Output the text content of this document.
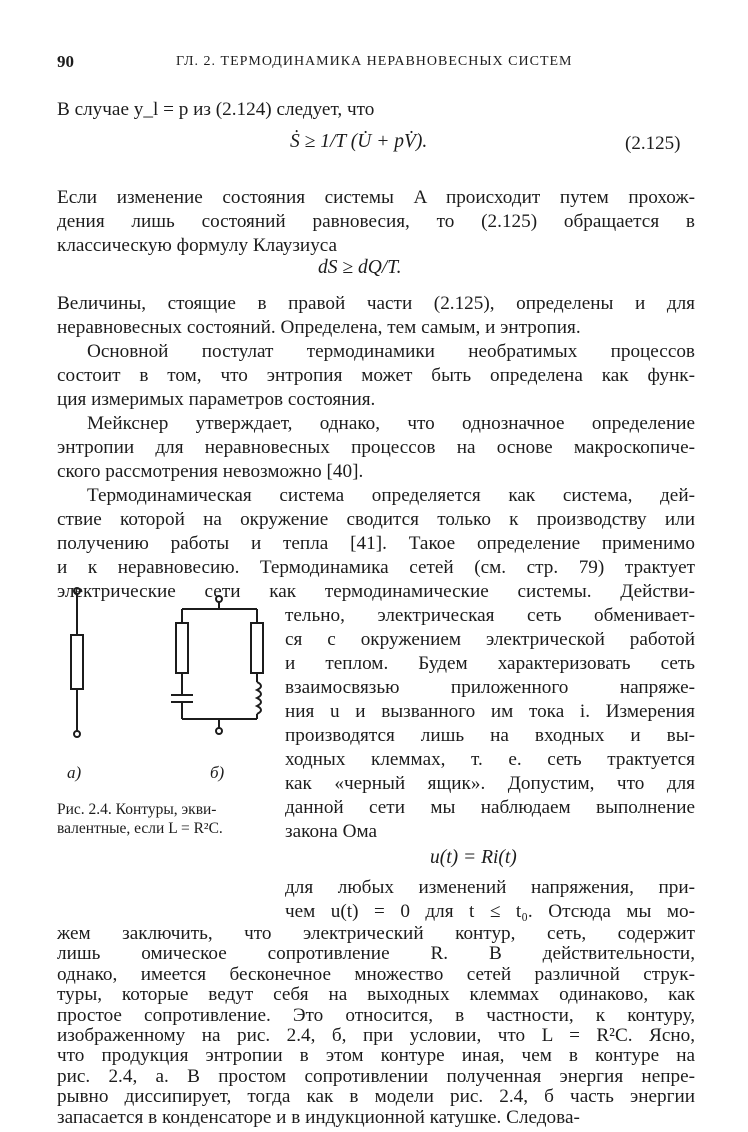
90	ГЛ. 2. ТЕРМОДИНАМИКА НЕРАВНОВЕСНЫХ СИСТЕМ
В случае y_l = p из (2.124) следует, что
Ṡ ≥ 1/T (U̇ + pV̇).	(2.125)
Если изменение состояния системы A происходит путем прохож-
дения лишь состояний равновесия, то (2.125) обращается в
классическую формулу Клаузиуса
dS ≥ dQ/T.
Величины, стоящие в правой части (2.125), определены и для
неравновесных состояний. Определена, тем самым, и энтропия.
Основной постулат термодинамики необратимых процессов
состоит в том, что энтропия может быть определена как функ-
ция измеримых параметров состояния.
Мейкснер утверждает, однако, что однозначное определение
энтропии для неравновесных процессов на основе макроскопиче-
ского рассмотрения невозможно [40].
Термодинамическая система определяется как система, дей-
ствие которой на окружение сводится только к производству или
получению работы и тепла [41]. Такое определение применимо
и к неравновесию. Термодинамика сетей (см. стр. 79) трактует
электрические сети как термодинамические системы. Действи-
тельно, электрическая сеть обменивает-
ся с окружением электрической работой
и теплом. Будем характеризовать сеть
взаимосвязью приложенного напряже-
ния u и вызванного им тока i. Измерения
производятся лишь на входных и вы-
ходных клеммах, т. е. сеть трактуется
как «черный ящик». Допустим, что для
данной сети мы наблюдаем выполнение
закона Ома
u(t) = Ri(t)
для любых изменений напряжения, при-
чем u(t) = 0 для t ≤ t₀. Отсюда мы мо-
жем заключить, что электрический контур, сеть, содержит
лишь омическое сопротивление R. В действительности,
однако, имеется бесконечное множество сетей различной струк-
туры, которые ведут себя на выходных клеммах одинаково, как
простое сопротивление. Это относится, в частности, к контуру,
изображенному на рис. 2.4, б, при условии, что L = R²C. Ясно,
что продукция энтропии в этом контуре иная, чем в контуре на
рис. 2.4, а. В простом сопротивлении полученная энергия непре-
рывно диссипирует, тогда как в модели рис. 2.4, б часть энергии
запасается в конденсаторе и в индукционной катушке. Следова-
а)	б)
Рис. 2.4. Контуры, экви-
валентные, если L = R²C.
